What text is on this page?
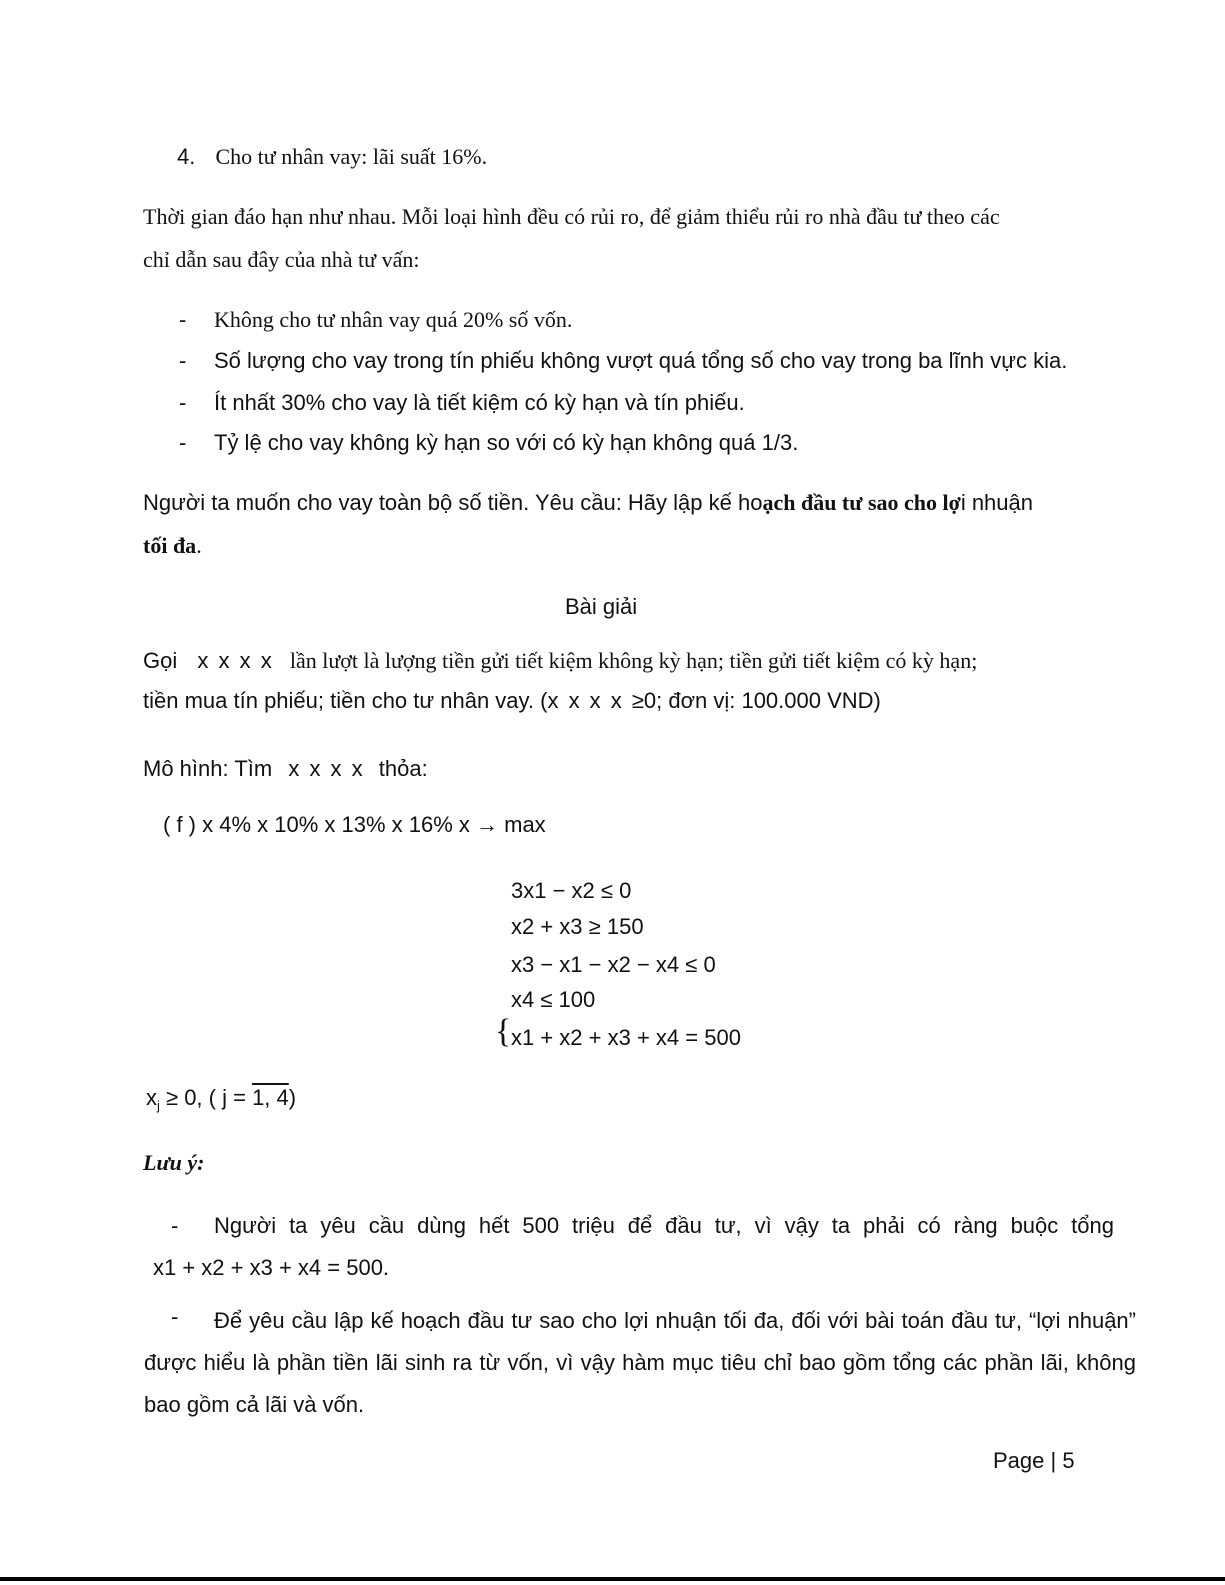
4. Cho tư nhân vay: lãi suất 16%.
Thời gian đáo hạn như nhau. Mỗi loại hình đều có rủi ro, để giảm thiểu rủi ro nhà đầu tư theo các
chỉ dẫn sau đây của nhà tư vấn:
- Không cho tư nhân vay quá 20% số vốn.
- Số lượng cho vay trong tín phiếu không vượt quá tổng số cho vay trong ba lĩnh vực kia.
- Ít nhất 30% cho vay là tiết kiệm có kỳ hạn và tín phiếu.
- Tỷ lệ cho vay không kỳ hạn so với có kỳ hạn không quá 1/3.
Người ta muốn cho vay toàn bộ số tiền. Yêu cầu: Hãy lập kế hoạch đầu tư sao cho lợi nhuận
tối đa.
Bài giải
Gọi x x x x lần lượt là lượng tiền gửi tiết kiệm không kỳ hạn; tiền gửi tiết kiệm có kỳ hạn;
tiền mua tín phiếu; tiền cho tư nhân vay. (x x x x ≥0; đơn vị: 100.000 VND)
Mô hình: Tìm x x x x thỏa:
( f ) x 4% x 10% x 13% x 16% x → max
{
3x1 − x2 ≤ 0
x2 + x3 ≥ 150
x3 − x1 − x2 − x4 ≤ 0
x4 ≤ 100
x1 + x2 + x3 + x4 = 500
$x_j \ge 0$, ( j = 1, 4)
Lưu ý:
- Người ta yêu cầu dùng hết 500 triệu để đầu tư, vì vậy ta phải có ràng buộc tổng
x1 + x2 + x3 + x4 = 500.
-	Để yêu cầu lập kế hoạch đầu tư sao cho lợi nhuận tối đa, đối với bài toán đầu tư, “lợi nhuận” được hiểu là phần tiền lãi sinh ra từ vốn, vì vậy hàm mục tiêu chỉ bao gồm tổng các phần lãi, không bao gồm cả lãi và vốn.
Page | 5
